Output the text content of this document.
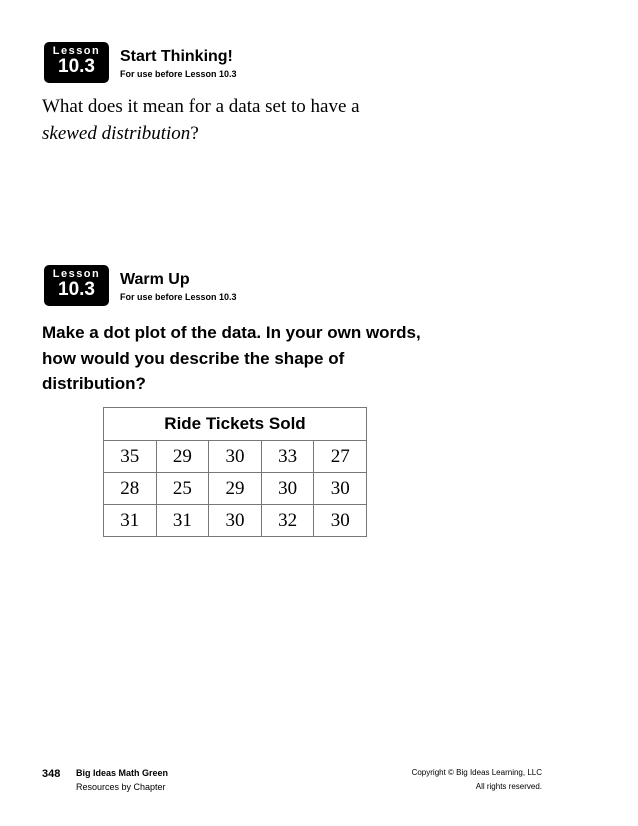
Lesson
10.3	Start Thinking!
For use before Lesson 10.3
What does it mean for a data set to have a
skewed distribution?
Lesson
10.3	Warm Up
For use before Lesson 10.3
Make a dot plot of the data. In your own words, how would you describe the shape of distribution?
Ride Tickets Sold				
35	29	30	33	27
28	25	29	30	30
31	31	30	32	30
348 Big Ideas Math Green
Resources by Chapter
Copyright © Big Ideas Learning, LLC
All rights reserved.
